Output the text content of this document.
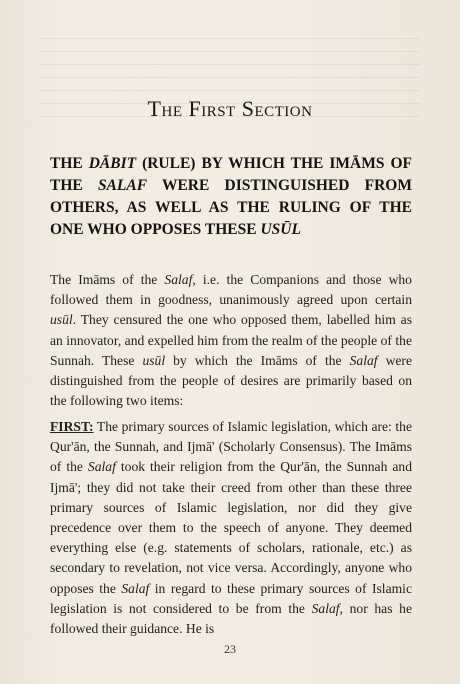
The First Section
THE DĀBIT (RULE) BY WHICH THE IMĀMS OF THE SALAF WERE DISTINGUISHED FROM OTHERS, AS WELL AS THE RULING OF THE ONE WHO OPPOSES THESE USŪL
The Imāms of the Salaf, i.e. the Companions and those who followed them in goodness, unanimously agreed upon certain usūl. They censured the one who opposed them, labelled him as an innovator, and expelled him from the realm of the people of the Sunnah. These usūl by which the Imāms of the Salaf were distinguished from the people of desires are primarily based on the following two items:
FIRST: The primary sources of Islamic legislation, which are: the Qur'ān, the Sunnah, and Ijmā' (Scholarly Consensus). The Imāms of the Salaf took their religion from the Qur'ān, the Sunnah and Ijmā'; they did not take their creed from other than these three primary sources of Islamic legislation, nor did they give precedence over them to the speech of anyone. They deemed everything else (e.g. statements of scholars, rationale, etc.) as secondary to revelation, not vice versa. Accordingly, anyone who opposes the Salaf in regard to these primary sources of Islamic legislation is not considered to be from the Salaf, nor has he followed their guidance. He is
23
